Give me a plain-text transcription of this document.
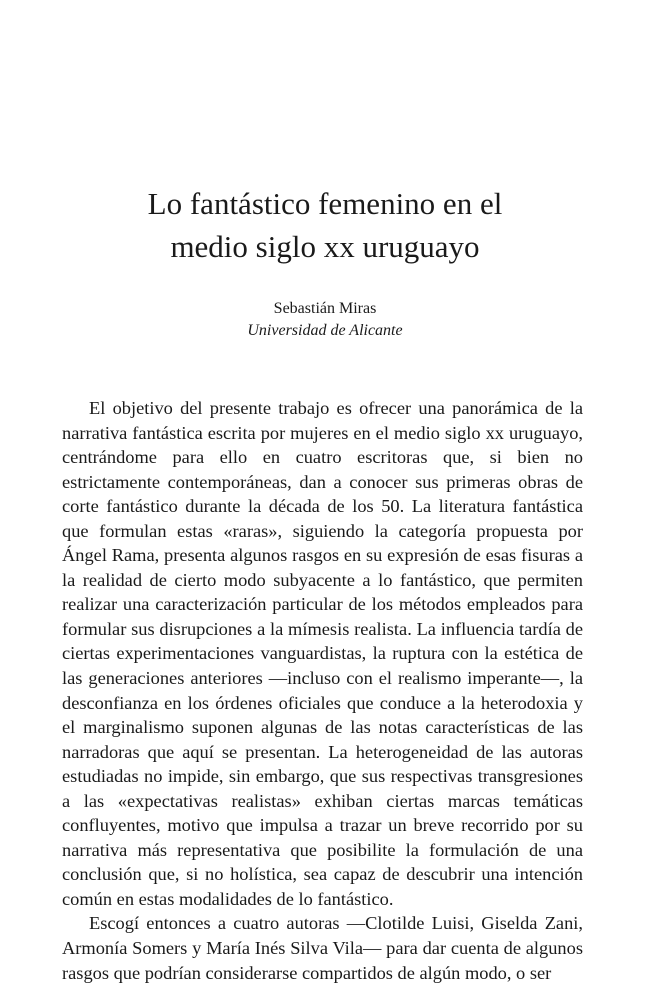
Lo fantástico femenino en el
medio siglo xx uruguayo

Sebastián Miras

Universidad de Alicante

El objetivo del presente trabajo es ofrecer una panorámica de la narrativa fantástica escrita por mujeres en el medio siglo xx uruguayo, centrándome para ello en cuatro escritoras que, si bien no estrictamente contemporáneas, dan a conocer sus primeras obras de corte fantástico durante la década de los 50. La literatura fantástica que formulan estas «raras», siguiendo la categoría propuesta por Ángel Rama, presenta algunos rasgos en su expresión de esas fisuras a la realidad de cierto modo subyacente a lo fantástico, que permiten realizar una caracterización particular de los métodos empleados para formular sus disrupciones a la mímesis realista. La influencia tardía de ciertas experimentaciones vanguardistas, la ruptura con la estética de las generaciones anteriores —incluso con el realismo imperante—, la desconfianza en los órdenes oficiales que conduce a la heterodoxia y el marginalismo suponen algunas de las notas características de las narradoras que aquí se presentan. La heterogeneidad de las autoras estudiadas no impide, sin embargo, que sus respectivas transgresiones a las «expectativas realistas» exhiban ciertas marcas temáticas confluyentes, motivo que impulsa a trazar un breve recorrido por su narrativa más representativa que posibilite la formulación de una conclusión que, si no holística, sea capaz de descubrir una intención común en estas modalidades de lo fantástico.

Escogí entonces a cuatro autoras —Clotilde Luisi, Giselda Zani, Armonía Somers y María Inés Silva Vila— para dar cuenta de algunos rasgos que podrían considerarse compartidos de algún modo, o ser
